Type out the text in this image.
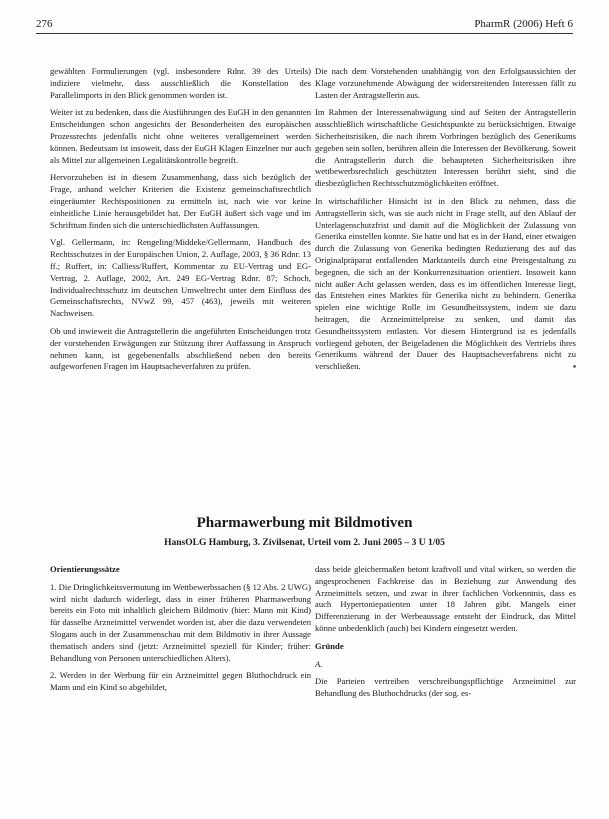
276	PharmR (2006) Heft 6

gewählten Formulierungen (vgl. insbesondere Rdnr. 39 des Urteils) indiziere vielmehr, dass ausschließlich die Konstellation des Parallelimports in den Blick genommen worden ist.

Weiter ist zu bedenken, dass die Ausführungen des EuGH in den genannten Entscheidungen schon angesichts der Besonderheiten des europäischen Prozessrechts jedenfalls nicht ohne weiteres verallgemeinert werden können. Bedeutsam ist insoweit, dass der EuGH Klagen Einzelner nur auch als Mittel zur allgemeinen Legalitätskontrolle begreift.

Hervorzuheben ist in diesem Zusammenhang, dass sich bezüglich der Frage, anhand welcher Kriterien die Existenz gemeinschaftsrechtlich eingeräumter Rechtspositionen zu ermitteln ist, nach wie vor keine einheitliche Linie herausgebildet hat. Der EuGH äußert sich vage und im Schrifttum finden sich die unterschiedlichsten Auffassungen.

Vgl. Gellermann, in: Rengeling/Middeke/Gellermann, Handbuch des Rechtsschutzes in der Europäischen Union, 2. Auflage, 2003, § 36 Rdnr. 13 ff.; Ruffert, in: Calliess/Ruffert, Kommentar zu EU-Vertrag und EG-Vertrag, 2. Auflage, 2002, Art. 249 EG-Vertrag Rdnr. 87; Schoch, Individualrechtsschutz im deutschen Umweltrecht unter dem Einfluss des Gemeinschaftsrechts, NVwZ 99, 457 (463), jeweils mit weiteren Nachweisen.

Ob und inwieweit die Antragstellerin die angeführten Entscheidungen trotz der vorstehenden Erwägungen zur Stützung ihrer Auffassung in Anspruch nehmen kann, ist gegebenenfalls abschließend neben den bereits aufgeworfenen Fragen im Hauptsacheverfahren zu prüfen.

Die nach dem Vorstehenden unabhängig von den Erfolgsaussichten der Klage vorzunehmende Abwägung der widerstreitenden Interessen fällt zu Lasten der Antragstellerin aus.

Im Rahmen der Interessenabwägung sind auf Seiten der Antragstellerin ausschließlich wirtschaftliche Gesichtspunkte zu berücksichtigen. Etwaige Sicherheitsrisiken, die nach ihrem Vorbringen bezüglich des Generikums gegeben sein sollen, berühren allein die Interessen der Bevölkerung. Soweit die Antragstellerin durch die behaupteten Sicherheitsrisiken ihre wettbewerbsrechtlich geschützten Interessen berührt sieht, sind die diesbezüglichen Rechtsschutzmöglichkeiten eröffnet.

In wirtschaftlicher Hinsicht ist in den Blick zu nehmen, dass die Antragstellerin sich, was sie auch nicht in Frage stellt, auf den Ablauf der Unterlagenschutzfrist und damit auf die Möglichkeit der Zulassung von Generika einstellen konnte. Sie hatte und hat es in der Hand, einer etwaigen durch die Zulassung von Generika bedingten Reduzierung des auf das Originalpräparat entfallenden Marktanteils durch eine Preisgestaltung zu begegnen, die sich an der Konkurrenzsituation orientiert. Insoweit kann nicht außer Acht gelassen werden, dass es im öffentlichen Interesse liegt, das Entstehen eines Marktes für Generika nicht zu behindern. Generika spielen eine wichtige Rolle im Gesundheitssystem, indem sie dazu beitragen, die Arzneimittelpreise zu senken, und damit das Gesundheitssystem entlasten. Vor diesem Hintergrund ist es jedenfalls vorliegend geboten, der Beigeladenen die Möglichkeit des Vertriebs ihres Generikums während der Dauer des Hauptsacheverfahrens nicht zu verschließen.	▪

Pharmawerbung mit Bildmotiven
HansOLG Hamburg, 3. Zivilsenat, Urteil vom 2. Juni 2005 – 3 U 1/05

Orientierungssätze

1. Die Dringlichkeitsvermutung im Wettbewerbssachen (§ 12 Abs. 2 UWG) wird nicht dadurch widerlegt, dass in einer früheren Pharmawerbung bereits ein Foto mit inhaltlich gleichem Bildmotiv (hier: Mann mit Kind) für dasselbe Arzneimittel verwendet worden ist, aber die dazu verwendeten Slogans auch in der Zusammenschau mit dem Bildmotiv in ihrer Aussage thematisch anders sind (jetzt: Arzneimittel speziell für Kinder; früher: Behandlung von Personen unterschiedlichen Alters).

2. Werden in der Werbung für ein Arzneimittel gegen Bluthochdruck ein Mann und ein Kind so abgebildet,

dass beide gleichermaßen betont kraftvoll und vital wirken, so werden die angesprochenen Fachkreise das in Beziehung zur Anwendung des Arzneimittels setzen, und zwar in ihrer fachlichen Vorkenntnis, dass es auch Hypertoniepatienten unter 18 Jahren gibt. Mangels einer Differenzierung in der Werbeaussage entsteht der Eindruck, das Mittel könne unbedenklich (auch) bei Kindern eingesetzt werden.

Gründe

A.

Die Parteien vertreiben verschreibungspflichtige Arzneimittel zur Behandlung des Bluthochdrucks (der sog. es-
